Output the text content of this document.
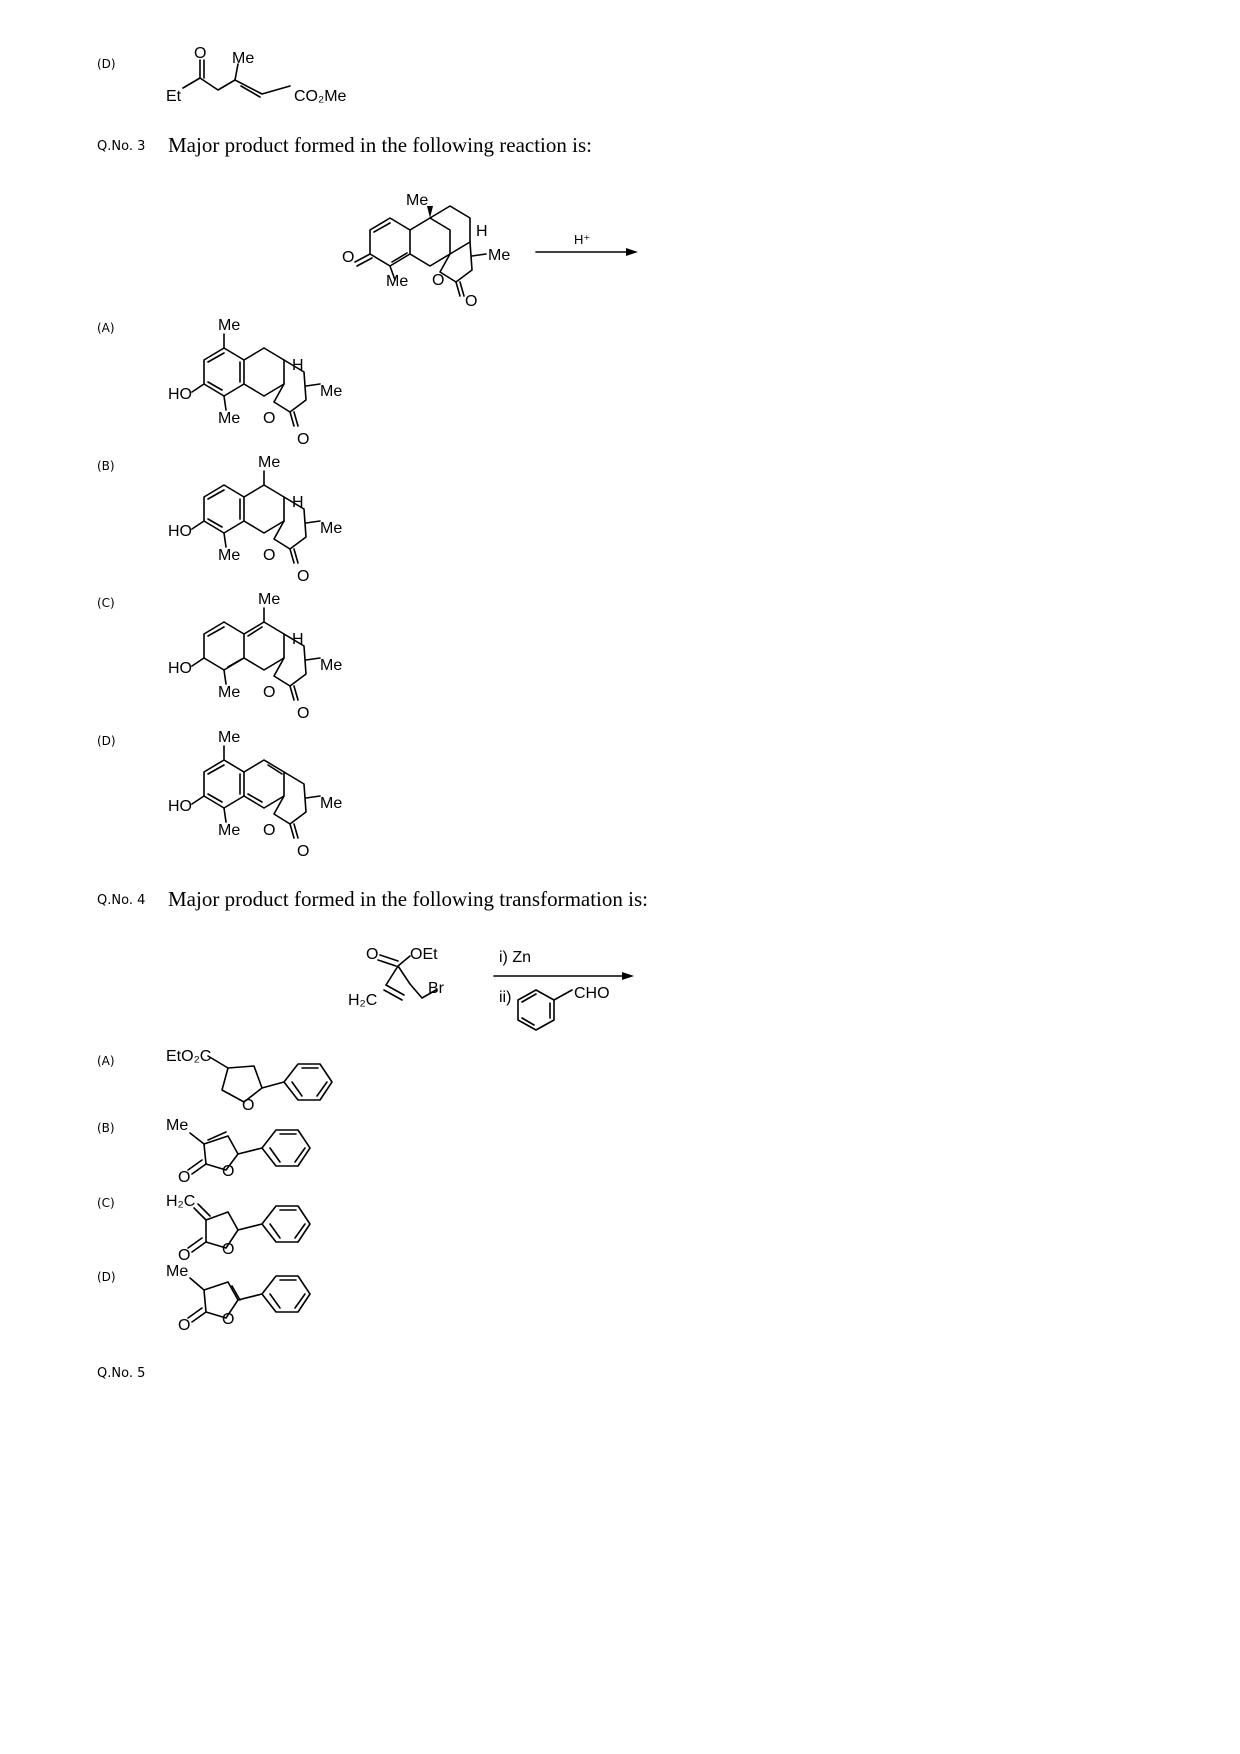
(D)
O Me
Et	CO₂Me
Q.No. 3 Major product formed in the following reaction is:
Me
H
Me
Me O
O
O
H⁺
(A)
(B)
(C)
(D)
Me
H
HO	Me
Me O
O
Me
H
HO	Me
Me O
O
Me
H
HO	Me
Me O
O
Me
HO	Me
Me O
O
Q.No. 4 Major product formed in the following transformation is:
O OEt
H₂C
Br
i) Zn
ii)	CHO
(A)
(B)
(C)
(D)
EtO₂C
O
Me
O
O
H₂C
O
O
Me
O
O
Q.No. 5
